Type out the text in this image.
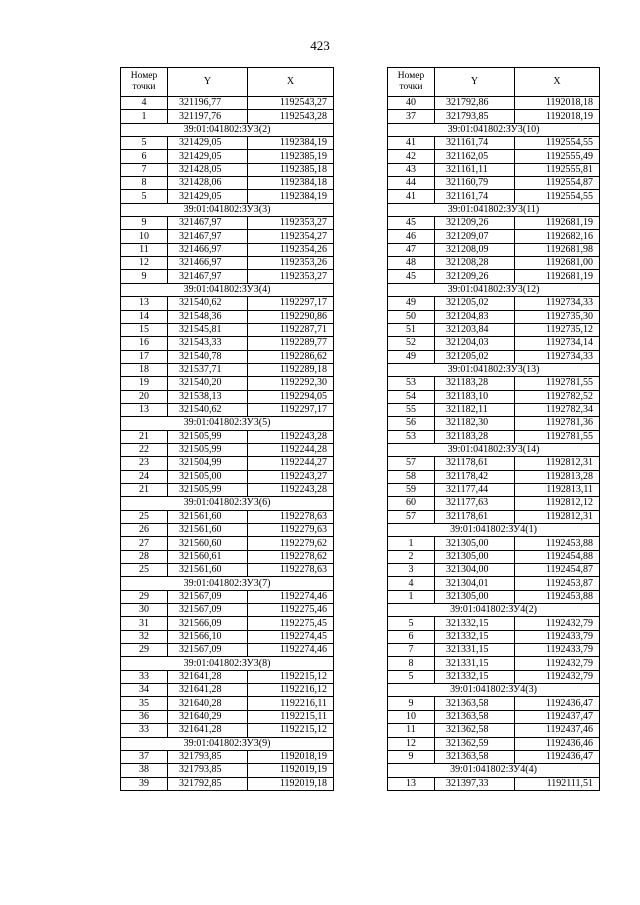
423
Номер
точки	Y	X
4	321196,77	1192543,27
1	321197,76	1192543,28
39:01:041802:ЗУ3(2)		
5	321429,05	1192384,19
6	321429,05	1192385,19
7	321428,05	1192385,18
8	321428,06	1192384,18
5	321429,05	1192384,19
39:01:041802:ЗУ3(3)		
9	321467,97	1192353,27
10	321467,97	1192354,27
11	321466,97	1192354,26
12	321466,97	1192353,26
9	321467,97	1192353,27
39:01:041802:ЗУ3(4)		
13	321540,62	1192297,17
14	321548,36	1192290,86
15	321545,81	1192287,71
16	321543,33	1192289,77
17	321540,78	1192286,62
18	321537,71	1192289,18
19	321540,20	1192292,30
20	321538,13	1192294,05
13	321540,62	1192297,17
39:01:041802:ЗУ3(5)		
21	321505,99	1192243,28
22	321505,99	1192244,28
23	321504,99	1192244,27
24	321505,00	1192243,27
21	321505,99	1192243,28
39:01:041802:ЗУ3(6)		
25	321561,60	1192278,63
26	321561,60	1192279,63
27	321560,60	1192279,62
28	321560,61	1192278,62
25	321561,60	1192278,63
39:01:041802:ЗУ3(7)		
29	321567,09	1192274,46
30	321567,09	1192275,46
31	321566,09	1192275,45
32	321566,10	1192274,45
29	321567,09	1192274,46
39:01:041802:ЗУ3(8)		
33	321641,28	1192215,12
34	321641,28	1192216,12
35	321640,28	1192216,11
36	321640,29	1192215,11
33	321641,28	1192215,12
39:01:041802:ЗУ3(9)		
37	321793,85	1192018,19
38	321793,85	1192019,19
39	321792,85	1192019,18
Номер
точки	Y	X
40	321792,86	1192018,18
37	321793,85	1192018,19
39:01:041802:ЗУ3(10)		
41	321161,74	1192554,55
42	321162,05	1192555,49
43	321161,11	1192555,81
44	321160,79	1192554,87
41	321161,74	1192554,55
39:01:041802:ЗУ3(11)		
45	321209,26	1192681,19
46	321209,07	1192682,16
47	321208,09	1192681,98
48	321208,28	1192681,00
45	321209,26	1192681,19
39:01:041802:ЗУ3(12)		
49	321205,02	1192734,33
50	321204,83	1192735,30
51	321203,84	1192735,12
52	321204,03	1192734,14
49	321205,02	1192734,33
39:01:041802:ЗУ3(13)		
53	321183,28	1192781,55
54	321183,10	1192782,52
55	321182,11	1192782,34
56	321182,30	1192781,36
53	321183,28	1192781,55
39:01:041802:ЗУ3(14)		
57	321178,61	1192812,31
58	321178,42	1192813,28
59	321177,44	1192813,11
60	321177,63	1192812,12
57	321178,61	1192812,31
39:01:041802:ЗУ4(1)		
1	321305,00	1192453,88
2	321305,00	1192454,88
3	321304,00	1192454,87
4	321304,01	1192453,87
1	321305,00	1192453,88
39:01:041802:ЗУ4(2)		
5	321332,15	1192432,79
6	321332,15	1192433,79
7	321331,15	1192433,79
8	321331,15	1192432,79
5	321332,15	1192432,79
39:01:041802:ЗУ4(3)		
9	321363,58	1192436,47
10	321363,58	1192437,47
11	321362,58	1192437,46
12	321362,59	1192436,46
9	321363,58	1192436,47
39:01:041802:ЗУ4(4)		
13	321397,33	1192111,51
